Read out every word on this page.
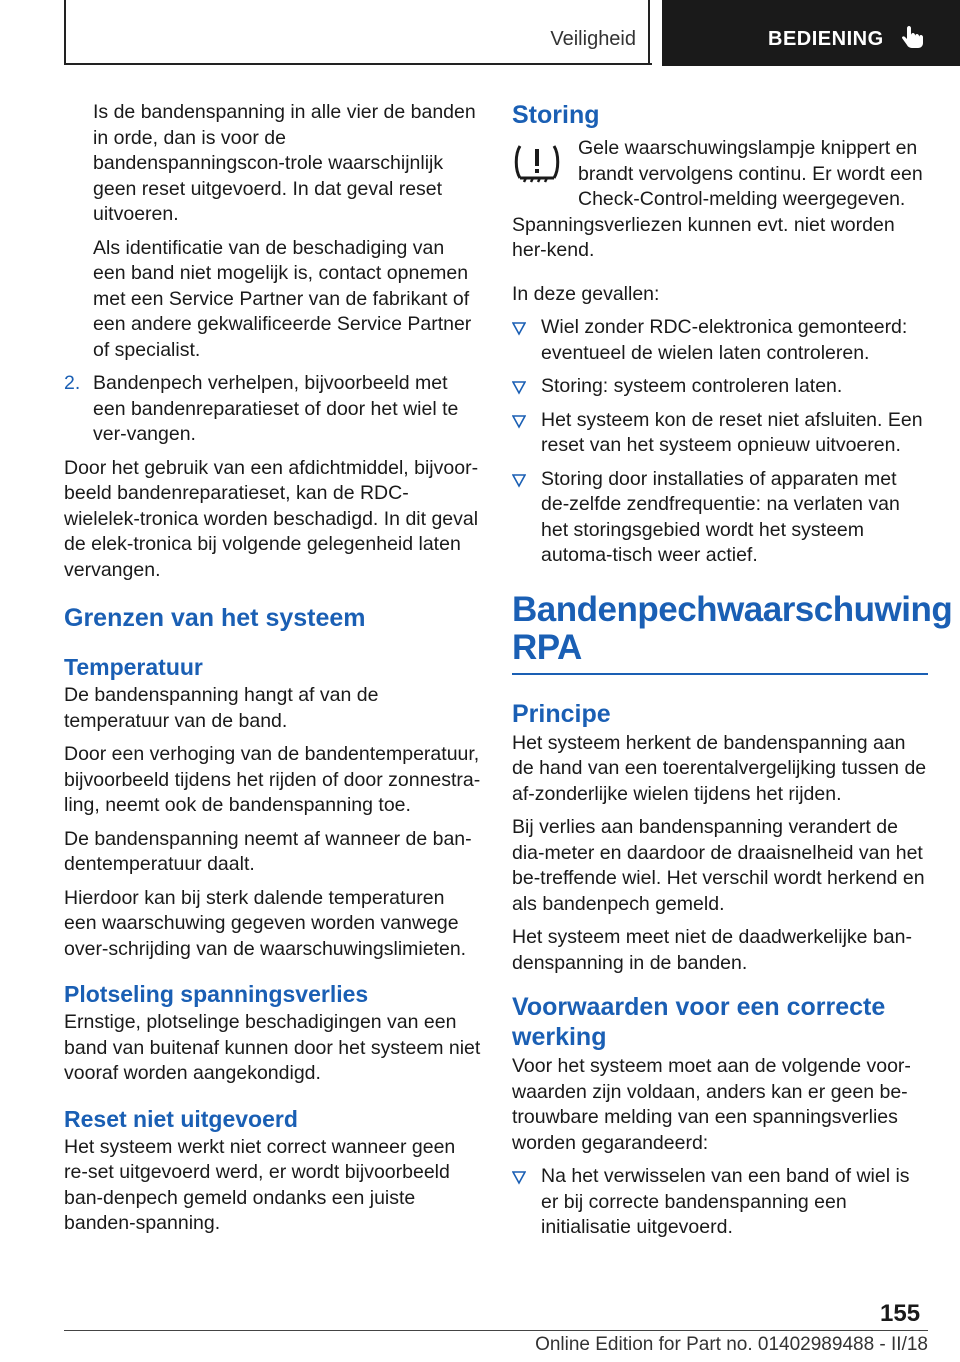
Veiligheid	BEDIENING

Is de bandenspanning in alle vier de banden in orde, dan is voor de bandenspanningscon-trole waarschijnlijk geen reset uitgevoerd. In dat geval reset uitvoeren.

Als identificatie van de beschadiging van een band niet mogelijk is, contact opnemen met een Service Partner van de fabrikant of een andere gekwalificeerde Service Partner of specialist.

2. Bandenpech verhelpen, bijvoorbeeld met een bandenreparatieset of door het wiel te ver-vangen.

Door het gebruik van een afdichtmiddel, bijvoor-beeld bandenreparatieset, kan de RDC-wielelek-tronica worden beschadigd. In dit geval de elek-tronica bij volgende gelegenheid laten vervangen.

Grenzen van het systeem
Temperatuur

De bandenspanning hangt af van de temperatuur van de band.

Door een verhoging van de bandentemperatuur, bijvoorbeeld tijdens het rijden of door zonnestra-ling, neemt ook de bandenspanning toe.

De bandenspanning neemt af wanneer de ban-dentemperatuur daalt.

Hierdoor kan bij sterk dalende temperaturen een waarschuwing gegeven worden vanwege over-schrijding van de waarschuwingslimieten.

Plotseling spanningsverlies

Ernstige, plotselinge beschadigingen van een band van buitenaf kunnen door het systeem niet vooraf worden aangekondigd.

Reset niet uitgevoerd

Het systeem werkt niet correct wanneer geen re-set uitgevoerd werd, er wordt bijvoorbeeld ban-denpech gemeld ondanks een juiste banden-spanning.

Storing

Gele waarschuwingslampje knippert en brandt vervolgens continu. Er wordt een Check-Control-melding weergegeven.

Spanningsverliezen kunnen evt. niet worden her-kend.

In deze gevallen:

Wiel zonder RDC-elektronica gemonteerd: eventueel de wielen laten controleren.

Storing: systeem controleren laten.

Het systeem kon de reset niet afsluiten. Een reset van het systeem opnieuw uitvoeren.

Storing door installaties of apparaten met de-zelfde zendfrequentie: na verlaten van het storingsgebied wordt het systeem automa-tisch weer actief.

Bandenpechwaarschuwing RPA
Principe

Het systeem herkent de bandenspanning aan de hand van een toerentalvergelijking tussen de af-zonderlijke wielen tijdens het rijden.

Bij verlies aan bandenspanning verandert de dia-meter en daardoor de draaisnelheid van het be-treffende wiel. Het verschil wordt herkend en als bandenpech gemeld.

Het systeem meet niet de daadwerkelijke ban-denspanning in de banden.

Voorwaarden voor een correcte werking

Voor het systeem moet aan de volgende voor-waarden zijn voldaan, anders kan er geen be-trouwbare melding van een spanningsverlies worden gegarandeerd:

Na het verwisselen van een band of wiel is er bij correcte bandenspanning een initialisatie uitgevoerd.

155
Online Edition for Part no. 01402989488 - II/18
